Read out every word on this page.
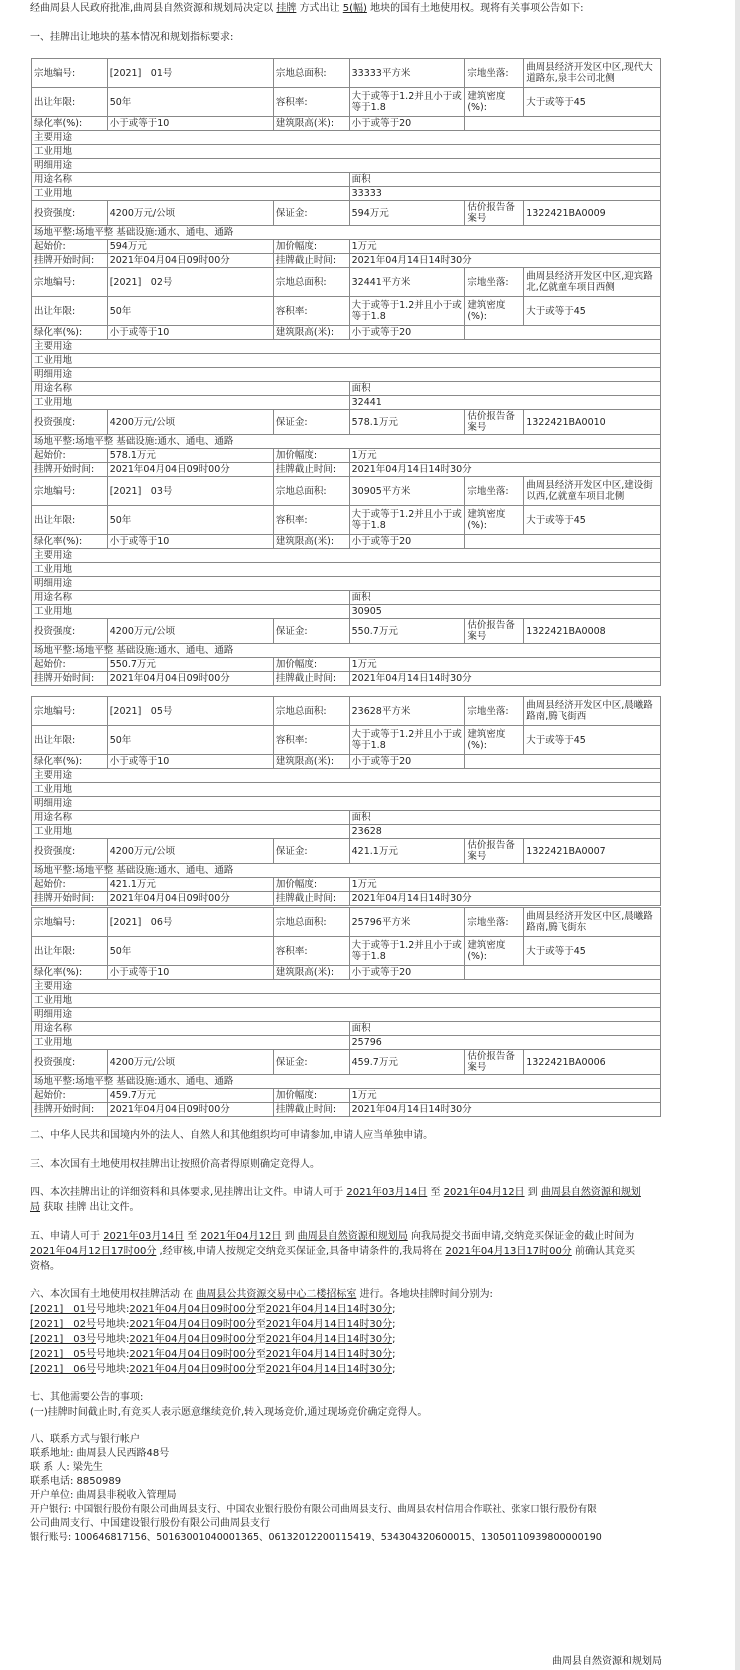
经曲周县人民政府批准,曲周县自然资源和规划局决定以 挂牌 方式出让 5(幅) 地块的国有土地使用权。现将有关事项公告如下:
一、挂牌出让地块的基本情况和规划指标要求:
宗地编号:	[2021]　01号	宗地总面积:	33333平方米	宗地坐落:	曲周县经济开发区中区,现代大道路东,泉丰公司北侧
出让年限:	50年	容积率:	大于或等于1.2并且小于或等于1.8	建筑密度(%):	大于或等于45
绿化率(%):	小于或等于10	建筑限高(米):	小于或等于20		
主要用途					
工业用地					
明细用途					
用途名称			面积		
工业用地			33333		
投资强度:	4200万元/公顷	保证金:	594万元	估价报告备案号	1322421BA0009
场地平整:场地平整 基础设施:通水、通电、通路					
起始价:	594万元	加价幅度:	1万元		
挂牌开始时间:	2021年04月04日09时00分	挂牌截止时间:	2021年04月14日14时30分		
宗地编号:	[2021]　02号	宗地总面积:	32441平方米	宗地坐落:	曲周县经济开发区中区,迎宾路北,亿就童车项目西侧
出让年限:	50年	容积率:	大于或等于1.2并且小于或等于1.8	建筑密度(%):	大于或等于45
绿化率(%):	小于或等于10	建筑限高(米):	小于或等于20		
主要用途					
工业用地					
明细用途					
用途名称			面积		
工业用地			32441		
投资强度:	4200万元/公顷	保证金:	578.1万元	估价报告备案号	1322421BA0010
场地平整:场地平整 基础设施:通水、通电、通路					
起始价:	578.1万元	加价幅度:	1万元		
挂牌开始时间:	2021年04月04日09时00分	挂牌截止时间:	2021年04月14日14时30分		
宗地编号:	[2021]　03号	宗地总面积:	30905平方米	宗地坐落:	曲周县经济开发区中区,建设街以西,亿就童车项目北侧
出让年限:	50年	容积率:	大于或等于1.2并且小于或等于1.8	建筑密度(%):	大于或等于45
绿化率(%):	小于或等于10	建筑限高(米):	小于或等于20		
主要用途					
工业用地					
明细用途					
用途名称			面积		
工业用地			30905		
投资强度:	4200万元/公顷	保证金:	550.7万元	估价报告备案号	1322421BA0008
场地平整:场地平整 基础设施:通水、通电、通路					
起始价:	550.7万元	加价幅度:	1万元		
挂牌开始时间:	2021年04月04日09时00分	挂牌截止时间:	2021年04月14日14时30分		
宗地编号:	[2021]　05号	宗地总面积:	23628平方米	宗地坐落:	曲周县经济开发区中区,晨曦路路南,腾飞街西
出让年限:	50年	容积率:	大于或等于1.2并且小于或等于1.8	建筑密度(%):	大于或等于45
绿化率(%):	小于或等于10	建筑限高(米):	小于或等于20		
主要用途					
工业用地					
明细用途					
用途名称			面积		
工业用地			23628		
投资强度:	4200万元/公顷	保证金:	421.1万元	估价报告备案号	1322421BA0007
场地平整:场地平整 基础设施:通水、通电、通路					
起始价:	421.1万元	加价幅度:	1万元		
挂牌开始时间:	2021年04月04日09时00分	挂牌截止时间:	2021年04月14日14时30分		
宗地编号:	[2021]　06号	宗地总面积:	25796平方米	宗地坐落:	曲周县经济开发区中区,晨曦路路南,腾飞街东
出让年限:	50年	容积率:	大于或等于1.2并且小于或等于1.8	建筑密度(%):	大于或等于45
绿化率(%):	小于或等于10	建筑限高(米):	小于或等于20		
主要用途					
工业用地					
明细用途					
用途名称			面积		
工业用地			25796		
投资强度:	4200万元/公顷	保证金:	459.7万元	估价报告备案号	1322421BA0006
场地平整:场地平整 基础设施:通水、通电、通路					
起始价:	459.7万元	加价幅度:	1万元		
挂牌开始时间:	2021年04月04日09时00分	挂牌截止时间:	2021年04月14日14时30分		
二、中华人民共和国境内外的法人、自然人和其他组织均可申请参加,申请人应当单独申请。
三、本次国有土地使用权挂牌出让按照价高者得原则确定竞得人。
四、本次挂牌出让的详细资料和具体要求,见挂牌出让文件。申请人可于 2021年03月14日 至 2021年04月12日 到 曲周县自然资源和规划
局 获取 挂牌 出让文件。
五、申请人可于 2021年03月14日 至 2021年04月12日 到 曲周县自然资源和规划局 向我局提交书面申请,交纳竞买保证金的截止时间为
2021年04月12日17时00分 ,经审核,申请人按规定交纳竞买保证金,具备申请条件的,我局将在 2021年04月13日17时00分 前确认其竞买
资格。
六、本次国有土地使用权挂牌活动 在 曲周县公共资源交易中心二楼招标室 进行。各地块挂牌时间分别为:
[2021]　01号号地块:2021年04月04日09时00分至2021年04月14日14时30分;
[2021]　02号号地块:2021年04月04日09时00分至2021年04月14日14时30分;
[2021]　03号号地块:2021年04月04日09时00分至2021年04月14日14时30分;
[2021]　05号号地块:2021年04月04日09时00分至2021年04月14日14时30分;
[2021]　06号号地块:2021年04月04日09时00分至2021年04月14日14时30分;
七、其他需要公告的事项:
(一)挂牌时间截止时,有竞买人表示愿意继续竞价,转入现场竞价,通过现场竞价确定竞得人。
八、联系方式与银行帐户
联系地址: 曲周县人民西路48号
联 系 人: 梁先生
联系电话: 8850989
开户单位: 曲周县非税收入管理局
开户银行: 中国银行股份有限公司曲周县支行、中国农业银行股份有限公司曲周县支行、曲周县农村信用合作联社、张家口银行股份有限
公司曲周支行、中国建设银行股份有限公司曲周县支行
银行账号: 100646817156、50163001040001365、06132012200115419、534304320600015、13050110939800000190
曲周县自然资源和规划局
